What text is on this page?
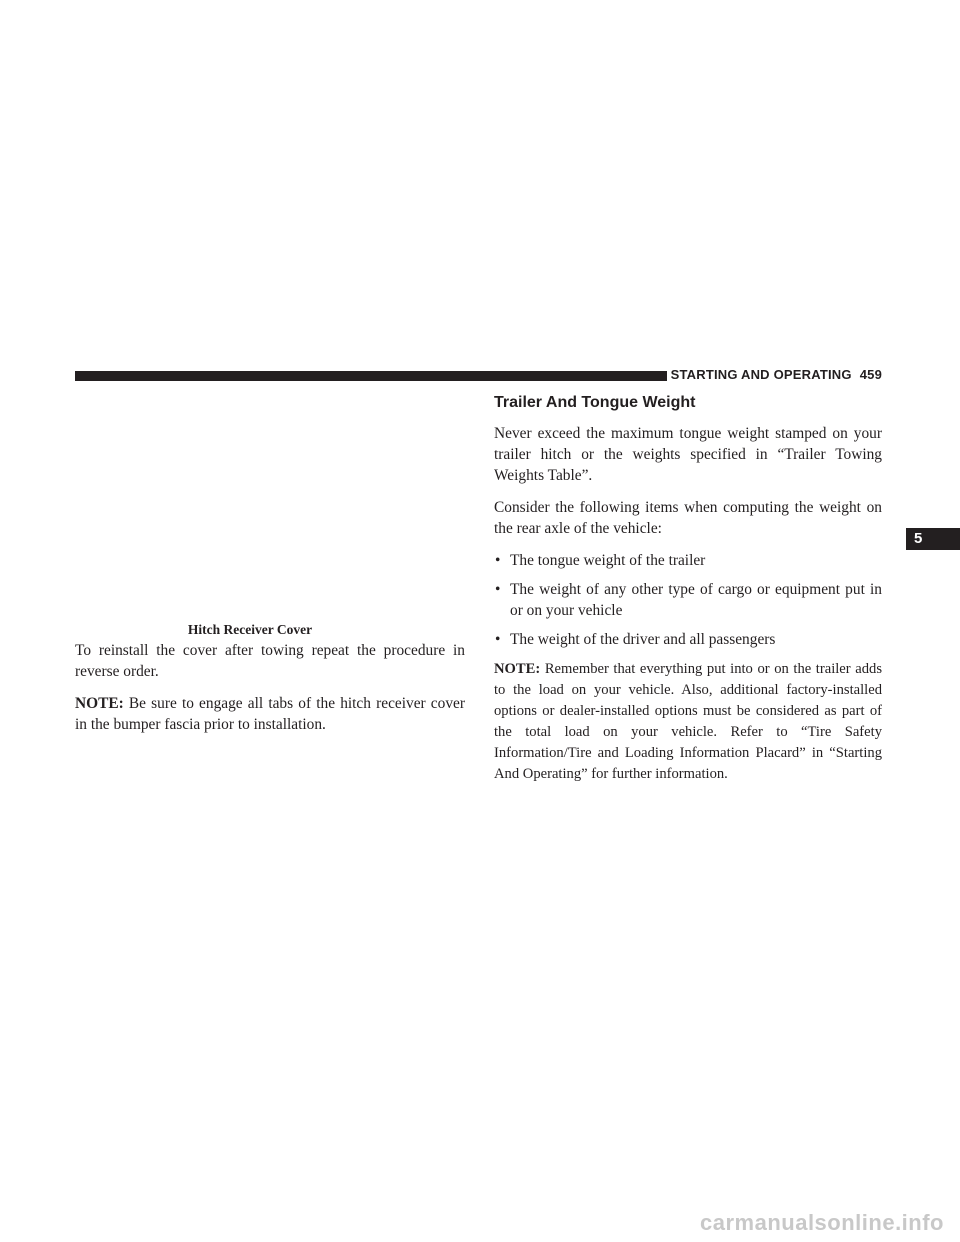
STARTING AND OPERATING 459
Hitch Receiver Cover

To reinstall the cover after towing repeat the procedure in reverse order.

NOTE: Be sure to engage all tabs of the hitch receiver cover in the bumper fascia prior to installation.

Trailer And Tongue Weight

Never exceed the maximum tongue weight stamped on your trailer hitch or the weights specified in “Trailer Towing Weights Table”.

Consider the following items when computing the weight on the rear axle of the vehicle:

• The tongue weight of the trailer
• The weight of any other type of cargo or equipment put in or on your vehicle
• The weight of the driver and all passengers

NOTE: Remember that everything put into or on the trailer adds to the load on your vehicle. Also, additional factory-installed options or dealer-installed options must be considered as part of the total load on your vehicle. Refer to “Tire Safety Information/Tire and Loading Information Placard” in “Starting And Operating” for further information.

5
carmanualsonline.info
